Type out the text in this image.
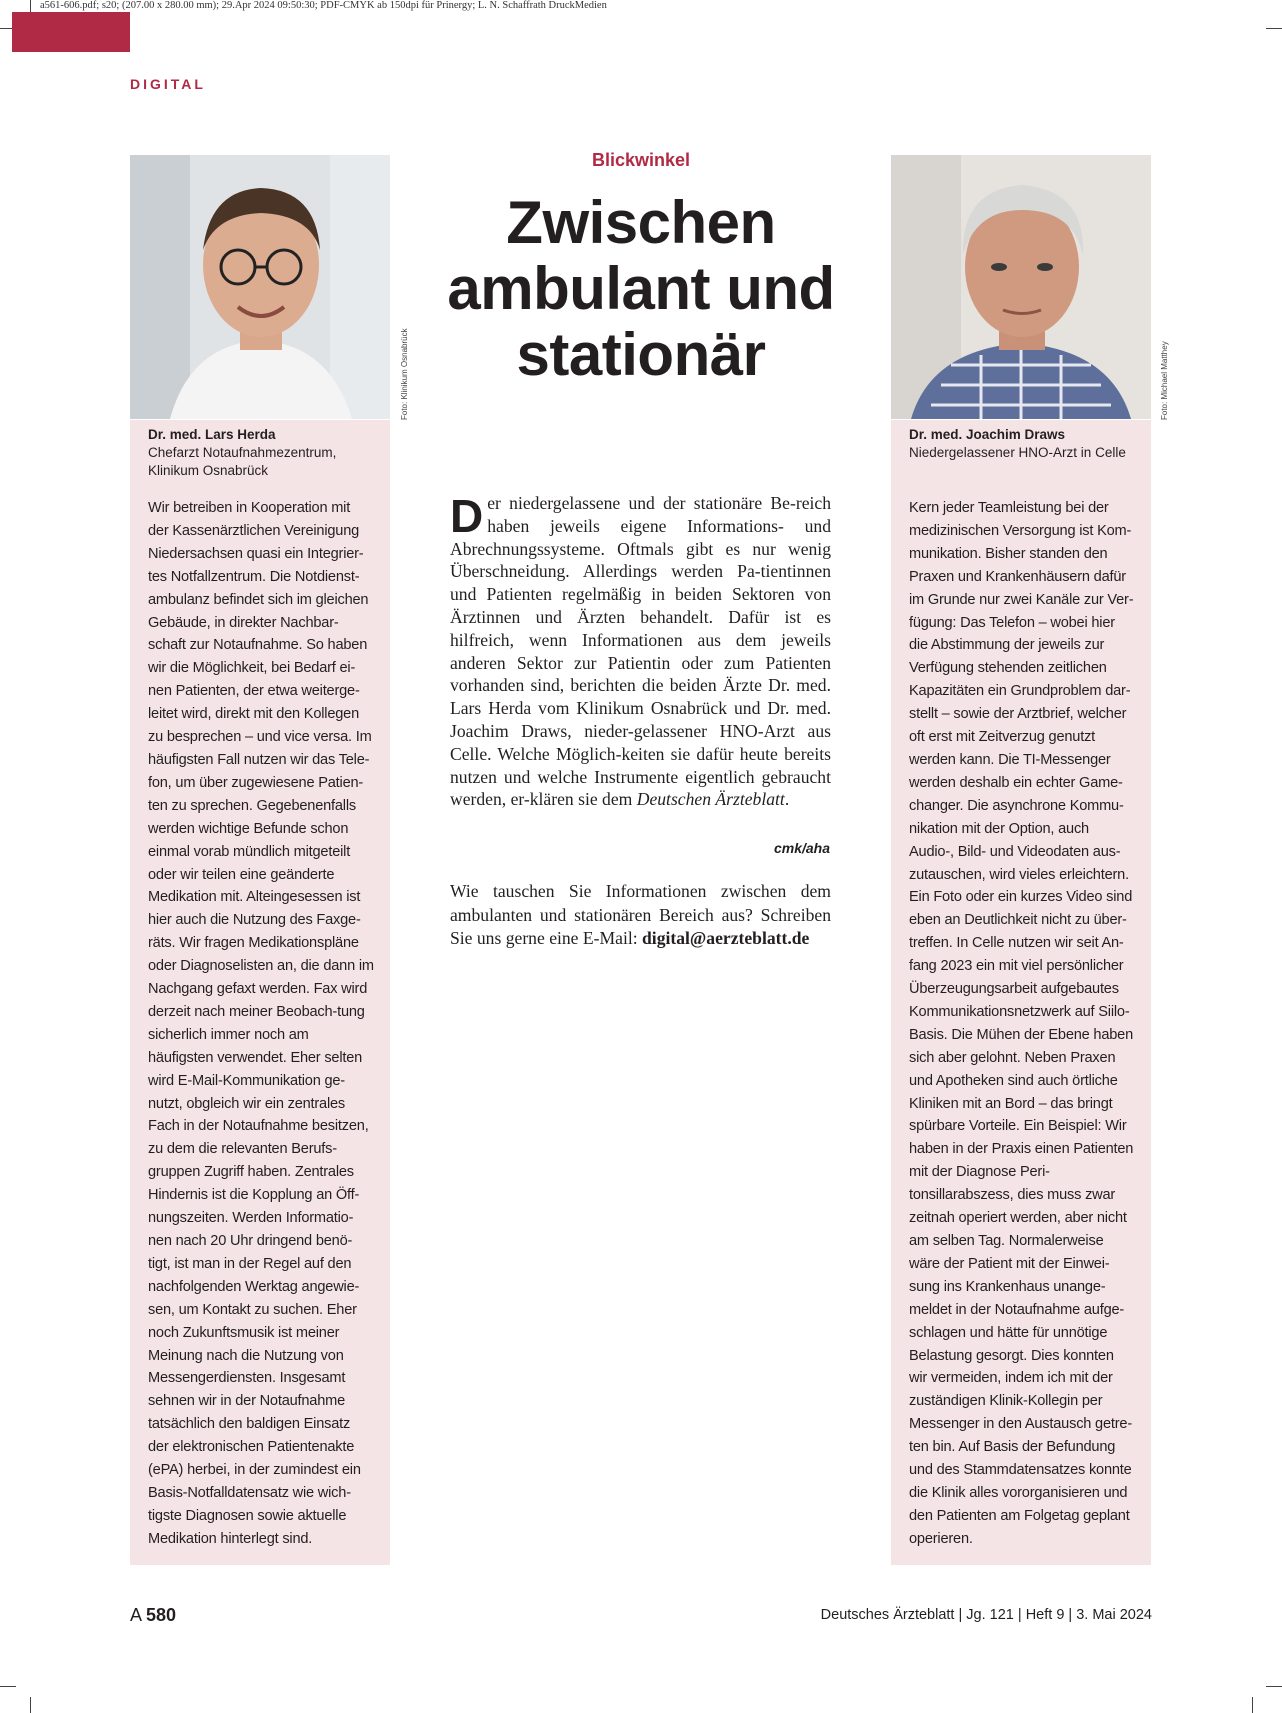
a561-606.pdf; s20; (207.00 x 280.00 mm); 29.Apr 2024 09:50:30; PDF-CMYK ab 150dpi für Prinergy; L. N. Schaffrath DruckMedien
DIGITAL
Foto: Klinikum Osnabrück
Dr. med. Lars Herda
Chefarzt Notaufnahmezentrum, Klinikum Osnabrück

Wir betreiben in Kooperation mit der Kassenärztlichen Vereinigung Niedersachsen quasi ein Integrier-tes Notfallzentrum. Die Notdienst-ambulanz befindet sich im gleichen Gebäude, in direkter Nachbar-schaft zur Notaufnahme. So haben wir die Möglichkeit, bei Bedarf ei-nen Patienten, der etwa weiterge-leitet wird, direkt mit den Kollegen zu besprechen – und vice versa. Im häufigsten Fall nutzen wir das Tele-fon, um über zugewiesene Patien-ten zu sprechen. Gegebenenfalls werden wichtige Befunde schon einmal vorab mündlich mitgeteilt oder wir teilen eine geänderte Medikation mit. Alteingesessen ist hier auch die Nutzung des Faxge-räts. Wir fragen Medikationspläne oder Diagnoselisten an, die dann im Nachgang gefaxt werden. Fax wird derzeit nach meiner Beobach-tung sicherlich immer noch am häufigsten verwendet. Eher selten wird E-Mail-Kommunikation ge-nutzt, obgleich wir ein zentrales Fach in der Notaufnahme besitzen, zu dem die relevanten Berufs-gruppen Zugriff haben. Zentrales Hindernis ist die Kopplung an Öff-nungszeiten. Werden Informatio-nen nach 20 Uhr dringend benö-tigt, ist man in der Regel auf den nachfolgenden Werktag angewie-sen, um Kontakt zu suchen. Eher noch Zukunftsmusik ist meiner Meinung nach die Nutzung von Messengerdiensten. Insgesamt sehnen wir in der Notaufnahme tatsächlich den baldigen Einsatz der elektronischen Patientenakte (ePA) herbei, in der zumindest ein Basis-Notfalldatensatz wie wich-tigste Diagnosen sowie aktuelle Medikation hinterlegt sind.

Blickwinkel
Zwischen ambulant und stationär

Der niedergelassene und der stationäre Be-reich haben jeweils eigene Informations- und Abrechnungssysteme. Oftmals gibt es nur wenig Überschneidung. Allerdings werden Pa-tientinnen und Patienten regelmäßig in beiden Sektoren von Ärztinnen und Ärzten behandelt. Dafür ist es hilfreich, wenn Informationen aus dem jeweils anderen Sektor zur Patientin oder zum Patienten vorhanden sind, berichten die beiden Ärzte Dr. med. Lars Herda vom Klinikum Osnabrück und Dr. med. Joachim Draws, nieder-gelassener HNO-Arzt aus Celle. Welche Möglich-keiten sie dafür heute bereits nutzen und welche Instrumente eigentlich gebraucht werden, er-klären sie dem Deutschen Ärzteblatt.

cmk/aha

Wie tauschen Sie Informationen zwischen dem ambulanten und stationären Bereich aus? Schreiben Sie uns gerne eine E-Mail: digital@aerzteblatt.de

Foto: Michael Matthey
Dr. med. Joachim Draws
Niedergelassener HNO-Arzt in Celle

Kern jeder Teamleistung bei der medizinischen Versorgung ist Kom-munikation. Bisher standen den Praxen und Krankenhäusern dafür im Grunde nur zwei Kanäle zur Ver-fügung: Das Telefon – wobei hier die Abstimmung der jeweils zur Verfügung stehenden zeitlichen Kapazitäten ein Grundproblem dar-stellt – sowie der Arztbrief, welcher oft erst mit Zeitverzug genutzt werden kann. Die TI-Messenger werden deshalb ein echter Game-changer. Die asynchrone Kommu-nikation mit der Option, auch Audio-, Bild- und Videodaten aus-zutauschen, wird vieles erleichtern. Ein Foto oder ein kurzes Video sind eben an Deutlichkeit nicht zu über-treffen. In Celle nutzen wir seit An-fang 2023 ein mit viel persönlicher Überzeugungsarbeit aufgebautes Kommunikationsnetzwerk auf Siilo-Basis. Die Mühen der Ebene haben sich aber gelohnt. Neben Praxen und Apotheken sind auch örtliche Kliniken mit an Bord – das bringt spürbare Vorteile. Ein Beispiel: Wir haben in der Praxis einen Patienten mit der Diagnose Peri-tonsillarabszess, dies muss zwar zeitnah operiert werden, aber nicht am selben Tag. Normalerweise wäre der Patient mit der Einwei-sung ins Krankenhaus unange-meldet in der Notaufnahme aufge-schlagen und hätte für unnötige Belastung gesorgt. Dies konnten wir vermeiden, indem ich mit der zuständigen Klinik-Kollegin per Messenger in den Austausch getre-ten bin. Auf Basis der Befundung und des Stammdatensatzes konnte die Klinik alles vororganisieren und den Patienten am Folgetag geplant operieren.

A 580	Deutsches Ärzteblatt | Jg. 121 | Heft 9 | 3. Mai 2024
